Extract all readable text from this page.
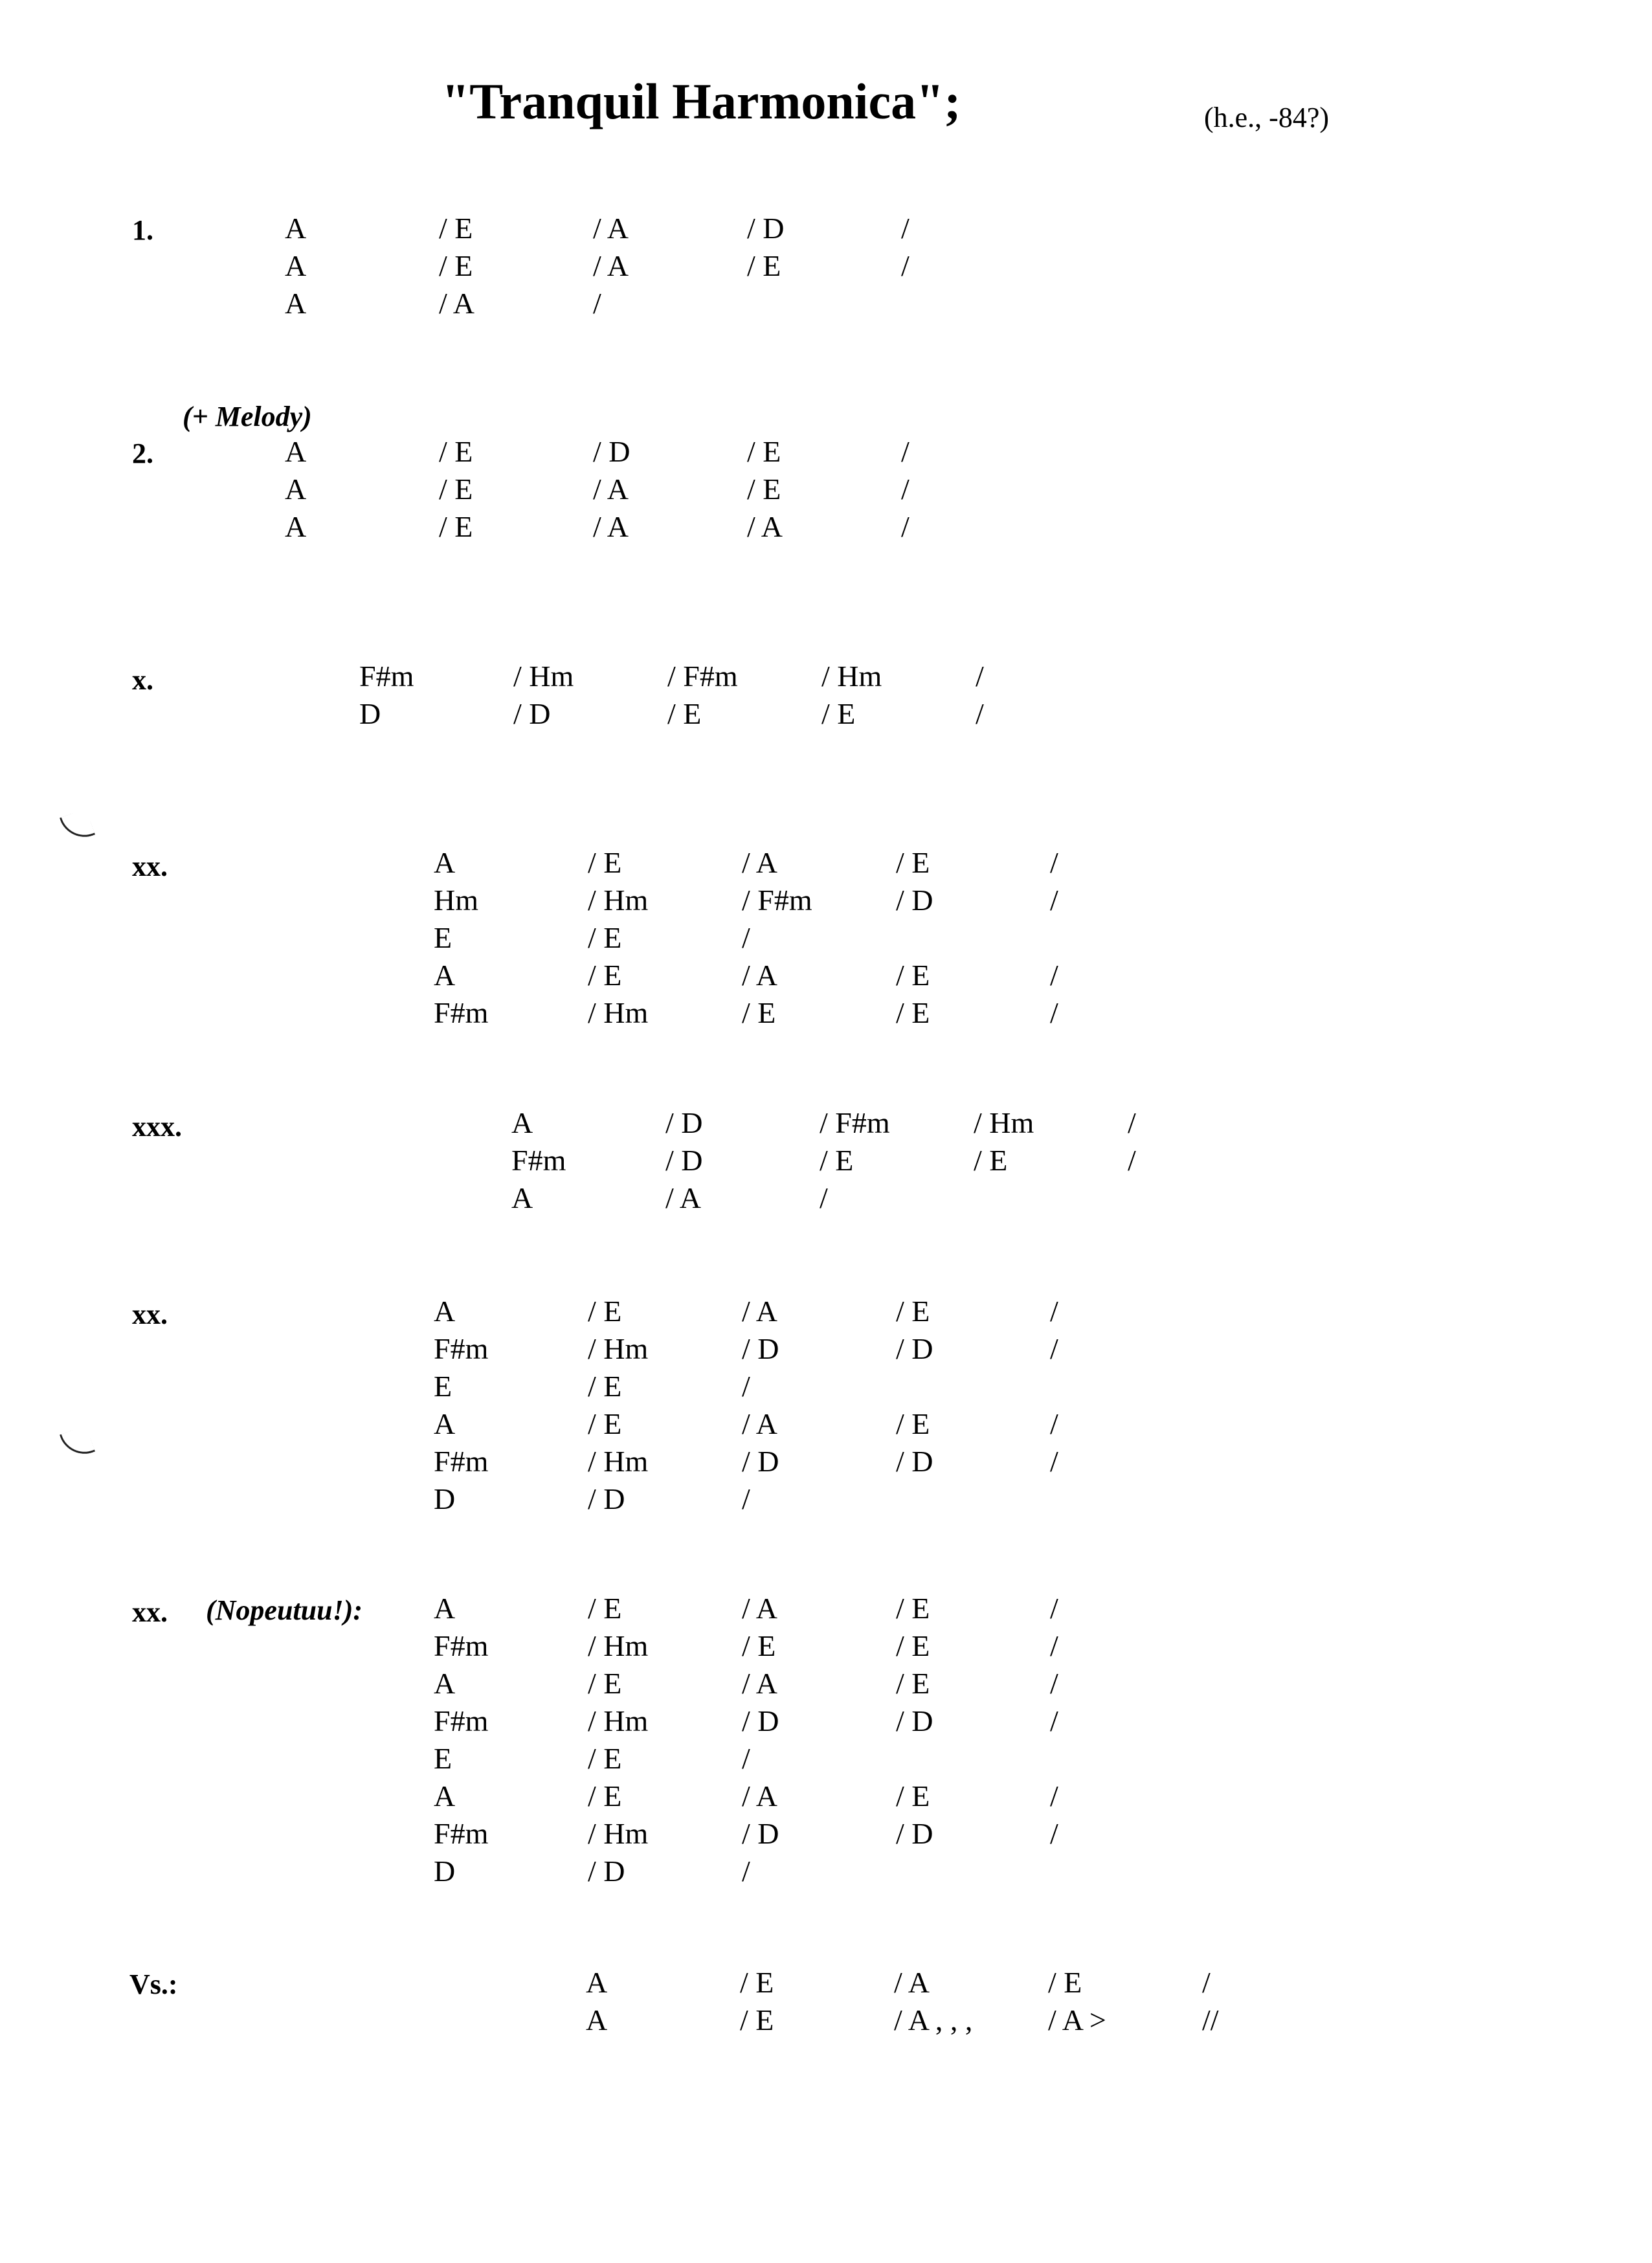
"Tranquil Harmonica";	(h.e., -84?)
1.	A	/ E	/ A	/ D	/
A	/ E	/ A	/ E	/
A	/ A	/
2.
(+ Melody)
A	/ E	/ D	/ E	/
A	/ E	/ A	/ E	/
A	/ E	/ A	/ A	/
x.	F#m	/ Hm	/ F#m	/ Hm	/
D	/ D	/ E	/ E	/
xx.	A	/ E	/ A	/ E	/
Hm	/ Hm	/ F#m	/ D	/
E	/ E	/
A	/ E	/ A	/ E	/
F#m	/ Hm	/ E	/ E	/
xxx.	A	/ D	/ F#m	/ Hm	/
F#m	/ D	/ E	/ E	/
A	/ A	/
xx.	A	/ E	/ A	/ E	/
F#m	/ Hm	/ D	/ D	/
E	/ E	/
A	/ E	/ A	/ E	/
F#m	/ Hm	/ D	/ D	/
D	/ D	/
xx. (Nopeutuu!): A	/ E	/ A	/ E	/
F#m	/ Hm	/ E	/ E	/
A	/ E	/ A	/ E	/
F#m	/ Hm	/ D	/ D	/
E	/ E	/
A	/ E	/ A	/ E	/
F#m	/ Hm	/ D	/ D	/
D	/ D	/
Vs.:	A	/ E	/ A	/ E	/
A	/ E	/ A , , ,	/ A >	//
